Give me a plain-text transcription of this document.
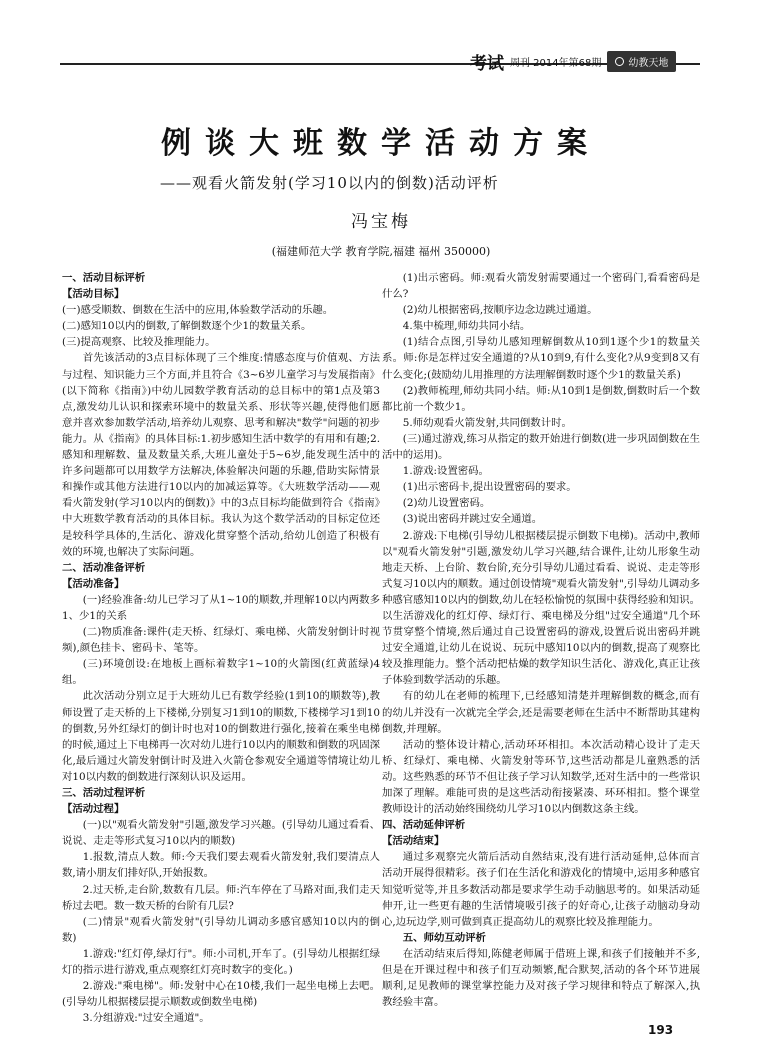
考试 周刊 2014年第68期	幼教天地
例谈大班数学活动方案
——观看火箭发射(学习10以内的倒数)活动评析
冯宝梅
(福建师范大学 教育学院,福建 福州 350000)

一、活动目标评析

【活动目标】

(一)感受顺数、倒数在生活中的应用,体验数学活动的乐趣。

(二)感知10以内的倒数,了解倒数逐个少1的数量关系。

(三)提高观察、比较及推理能力。

首先该活动的3点目标体现了三个维度:情感态度与价值观、方法与过程、知识能力三个方面,并且符合《3~6岁儿童学习与发展指南》(以下简称《指南》)中幼儿园数学教育活动的总目标中的第1点及第3点,激发幼儿认识和探索环境中的数量关系、形状等兴趣,使得他们愿意并喜欢参加数学活动,培养幼儿观察、思考和解决"数学"问题的初步能力。从《指南》的具体目标:1.初步感知生活中数学的有用和有趣;2.感知和理解数、量及数量关系,大班儿童处于5~6岁,能发现生活中的许多问题都可以用数学方法解决,体验解决问题的乐趣,借助实际情景和操作或其他方法进行10以内的加减运算等。《大班数学活动——观看火箭发射(学习10以内的倒数)》中的3点目标均能做到符合《指南》中大班数学教育活动的具体目标。我认为这个数学活动的目标定位还是较科学具体的,生活化、游戏化贯穿整个活动,给幼儿创造了积极有效的环境,也解决了实际问题。

二、活动准备评析

【活动准备】

(一)经验准备:幼儿已学习了从1~10的顺数,并理解10以内两数多1、少1的关系

(二)物质准备:课件(走天桥、红绿灯、乘电梯、火箭发射倒计时视频),颜色挂卡、密码卡、笔等。

(三)环境创设:在地板上画标着数字1~10的火箭图(红黄蓝绿)4组。

此次活动分别立足于大班幼儿已有数学经验(1到10的顺数等),教师设置了走天桥的上下楼梯,分别复习1到10的顺数,下楼梯学习1到10的倒数,另外红绿灯的倒计时也对10的倒数进行强化,接着在乘坐电梯的时候,通过上下电梯再一次对幼儿进行10以内的顺数和倒数的巩固深化,最后通过火箭发射倒计时及进入火箭仓参观安全通道等情境让幼儿对10以内数的倒数进行深刻认识及运用。

三、活动过程评析

【活动过程】

(一)以"观看火箭发射"引题,激发学习兴趣。(引导幼儿通过看看、说说、走走等形式复习10以内的顺数)

1.报数,清点人数。师:今天我们要去观看火箭发射,我们要清点人数,请小朋友们排好队,开始报数。

2.过天桥,走台阶,数数有几层。师:汽车停在了马路对面,我们走天桥过去吧。数一数天桥的台阶有几层?

(二)情景"观看火箭发射"(引导幼儿调动多感官感知10以内的倒数)

1.游戏:"红灯停,绿灯行"。师:小司机,开车了。(引导幼儿根据红绿灯的指示进行游戏,重点观察红灯亮时数字的变化。)

2.游戏:"乘电梯"。师:发射中心在10楼,我们一起坐电梯上去吧。(引导幼儿根据楼层提示顺数或倒数坐电梯)

3.分组游戏:"过安全通道"。

(1)出示密码。师:观看火箭发射需要通过一个密码门,看看密码是什么?

(2)幼儿根据密码,按顺序边念边跳过通道。

4.集中梳理,师幼共同小结。

(1)结合点图,引导幼儿感知理解倒数从10到1逐个少1的数量关系。师:你是怎样过安全通道的?从10到9,有什么变化?从9变到8又有什么变化;(鼓励幼儿用推理的方法理解倒数时逐个少1的数量关系)

(2)教师梳理,师幼共同小结。师:从10到1是倒数,倒数时后一个数都比前一个数少1。

5.师幼观看火箭发射,共同倒数计时。

(三)通过游戏,练习从指定的数开始进行倒数(进一步巩固倒数在生活中的运用)。

1.游戏:设置密码。

(1)出示密码卡,提出设置密码的要求。

(2)幼儿设置密码。

(3)说出密码并跳过安全通道。

2.游戏:下电梯(引导幼儿根据楼层提示倒数下电梯)。活动中,教师以"观看火箭发射"引题,激发幼儿学习兴趣,结合课件,让幼儿形象生动地走天桥、上台阶、数台阶,充分引导幼儿通过看看、说说、走走等形式复习10以内的顺数。通过创设情境"观看火箭发射",引导幼儿调动多种感官感知10以内的倒数,幼儿在轻松愉悦的氛围中获得经验和知识。以生活游戏化的红灯停、绿灯行、乘电梯及分组"过安全通道"几个环节贯穿整个情境,然后通过自己设置密码的游戏,设置后说出密码并跳过安全通道,让幼儿在说说、玩玩中感知10以内的倒数,提高了观察比较及推理能力。整个活动把枯燥的数学知识生活化、游戏化,真正让孩子体验到数学活动的乐趣。

有的幼儿在老师的梳理下,已经感知清楚并理解倒数的概念,而有的幼儿并没有一次就完全学会,还是需要老师在生活中不断帮助其建构倒数,并理解。

活动的整体设计精心,活动环环相扣。本次活动精心设计了走天桥、红绿灯、乘电梯、火箭发射等环节,这些活动都是儿童熟悉的活动。这些熟悉的环节不但让孩子学习认知数学,还对生活中的一些常识加深了理解。难能可贵的是这些活动衔接紧凑、环环相扣。整个课堂教师设计的活动始终围绕幼儿学习10以内倒数这条主线。

四、活动延伸评析

【活动结束】

通过多观察完火箭后活动自然结束,没有进行活动延伸,总体而言活动开展得很精彩。孩子们在生活化和游戏化的情境中,运用多种感官知觉听觉等,并且多数活动都是要求学生动手动脑思考的。如果活动延伸开,让一些更有趣的生活情境吸引孩子的好奇心,让孩子动脑动身动心,边玩边学,则可做到真正提高幼儿的观察比较及推理能力。

五、师幼互动评析

在活动结束后得知,陈健老师属于借班上课,和孩子们接触并不多,但是在开课过程中和孩子们互动频繁,配合默契,活动的各个环节进展顺利,足见教师的课堂掌控能力及对孩子学习规律和特点了解深入,执教经验丰富。

193
